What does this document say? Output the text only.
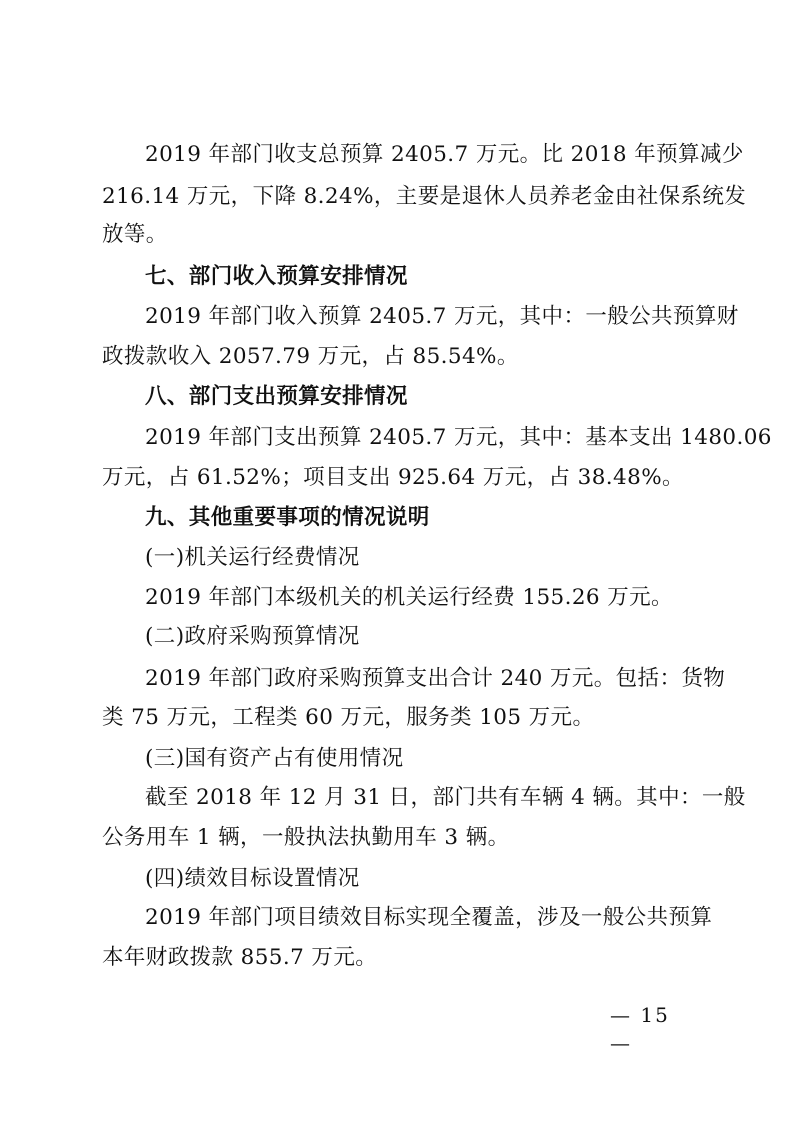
2019 年部门收支总预算 2405.7 万元。比 2018 年预算减少
216.14 万元，下降 8.24%，主要是退休人员养老金由社保系统发
放等。
七、部门收入预算安排情况
2019 年部门收入预算 2405.7 万元，其中：一般公共预算财
政拨款收入 2057.79 万元，占 85.54%。
八、部门支出预算安排情况
2019 年部门支出预算 2405.7 万元，其中：基本支出 1480.06
万元，占 61.52%；项目支出 925.64 万元，占 38.48%。
九、其他重要事项的情况说明
(一)机关运行经费情况
2019 年部门本级机关的机关运行经费 155.26 万元。
(二)政府采购预算情况
2019 年部门政府采购预算支出合计 240 万元。包括：货物
类 75 万元，工程类 60 万元，服务类 105 万元。
(三)国有资产占有使用情况
截至 2018 年 12 月 31 日，部门共有车辆 4 辆。其中：一般
公务用车 1 辆，一般执法执勤用车 3 辆。
(四)绩效目标设置情况
2019 年部门项目绩效目标实现全覆盖，涉及一般公共预算
本年财政拨款 855.7 万元。
— 15 —
